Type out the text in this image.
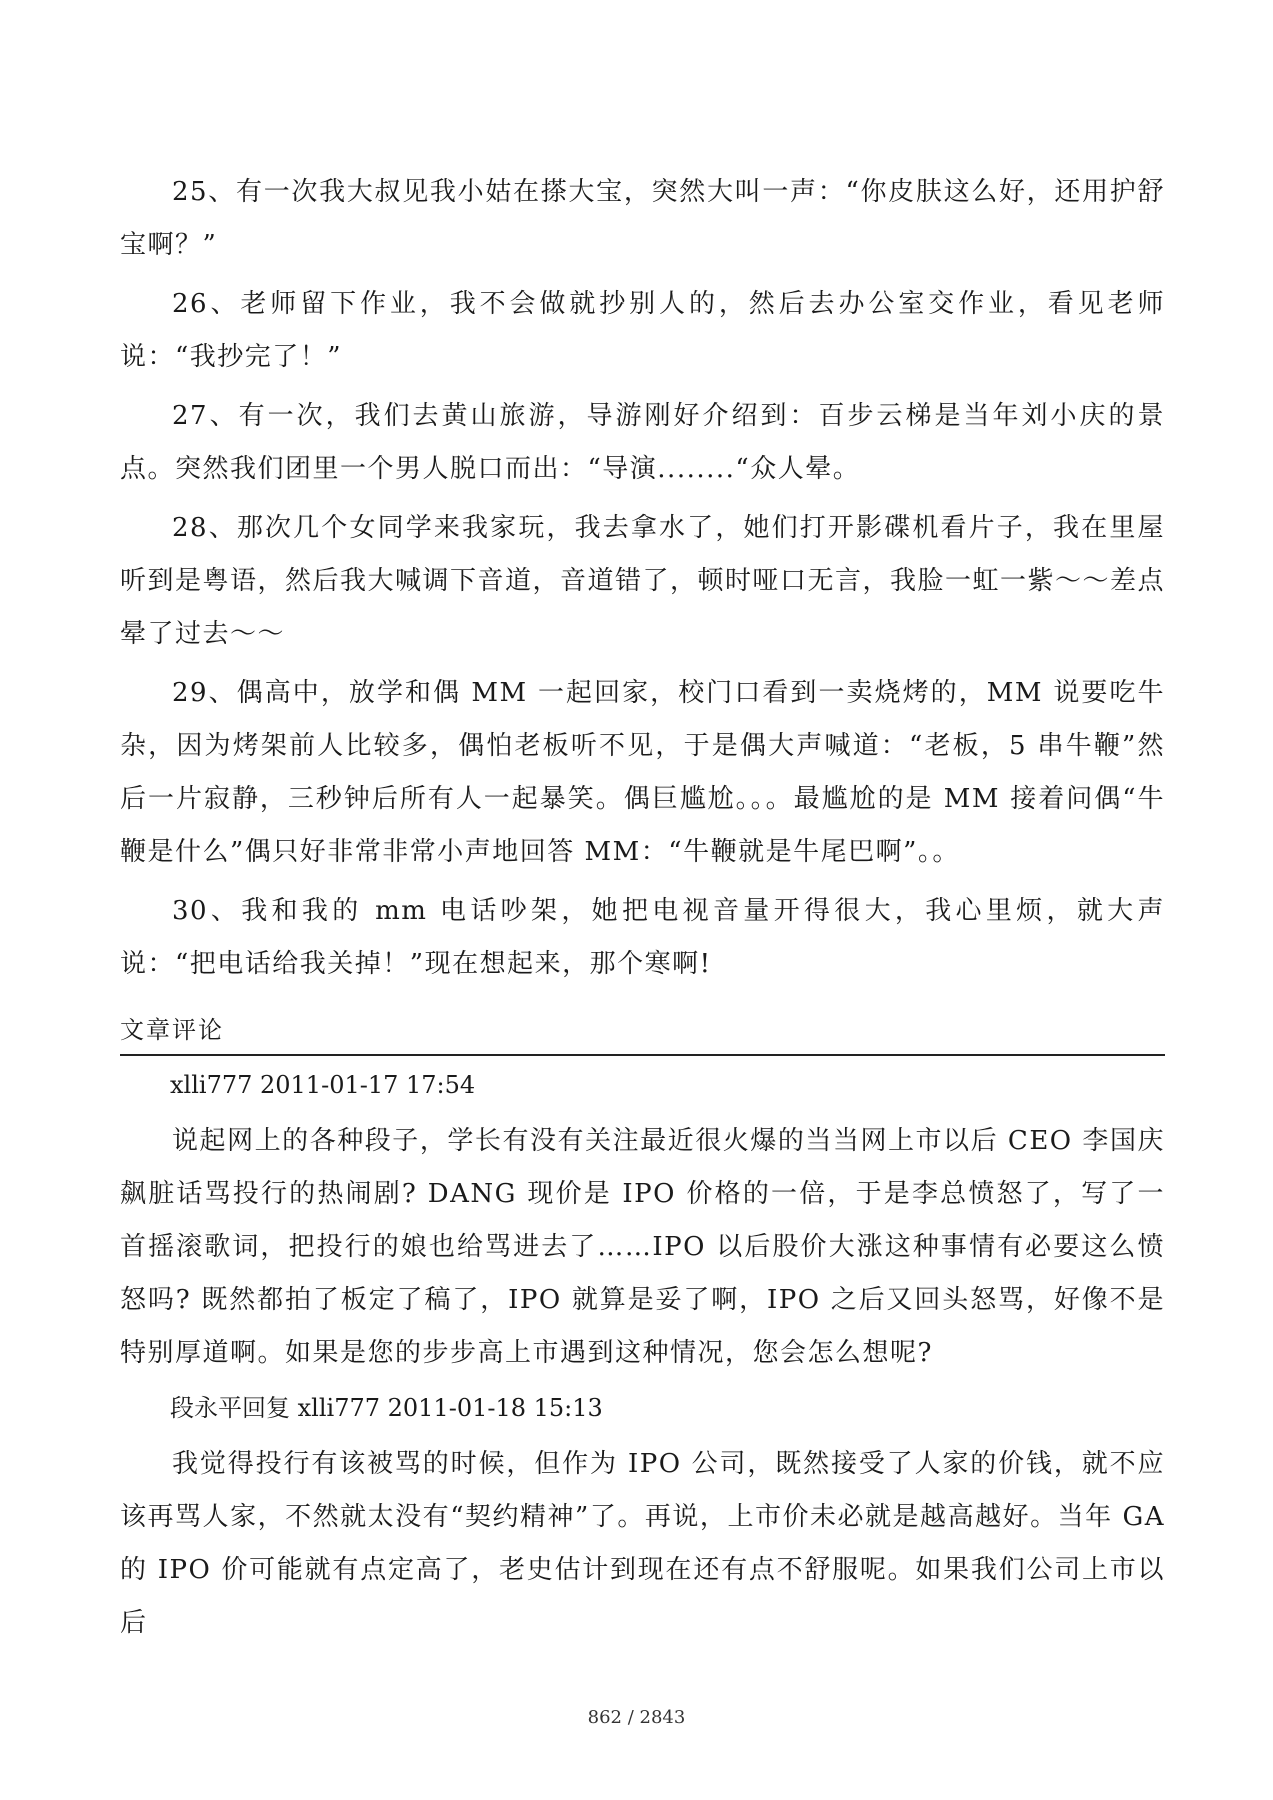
25、有一次我大叔见我小姑在搽大宝，突然大叫一声：“你皮肤这么好，还用护舒宝啊？”

26、老师留下作业，我不会做就抄别人的，然后去办公室交作业，看见老师说：“我抄完了！”

27、有一次，我们去黄山旅游，导游刚好介绍到：百步云梯是当年刘小庆的景点。突然我们团里一个男人脱口而出：“导演........“众人晕。

28、那次几个女同学来我家玩，我去拿水了，她们打开影碟机看片子，我在里屋听到是粤语，然后我大喊调下音道，音道错了，顿时哑口无言，我脸一虹一紫～～差点晕了过去～～

29、偶高中，放学和偶 MM 一起回家，校门口看到一卖烧烤的，MM 说要吃牛杂，因为烤架前人比较多，偶怕老板听不见，于是偶大声喊道：“老板，5 串牛鞭”然后一片寂静，三秒钟后所有人一起暴笑。偶巨尴尬。。。最尴尬的是 MM 接着问偶“牛鞭是什么”偶只好非常非常小声地回答 MM：“牛鞭就是牛尾巴啊”。。

30、我和我的 mm 电话吵架，她把电视音量开得很大，我心里烦，就大声说：“把电话给我关掉！”现在想起来，那个寒啊!

文章评论

xlli777 2011-01-17 17:54

说起网上的各种段子，学长有没有关注最近很火爆的当当网上市以后 CEO 李国庆飙脏话骂投行的热闹剧? DANG 现价是 IPO 价格的一倍，于是李总愤怒了，写了一首摇滚歌词，把投行的娘也给骂进去了……IPO 以后股价大涨这种事情有必要这么愤怒吗? 既然都拍了板定了稿了，IPO 就算是妥了啊，IPO 之后又回头怒骂，好像不是特别厚道啊。如果是您的步步高上市遇到这种情况，您会怎么想呢?

段永平回复 xlli777 2011-01-18 15:13

我觉得投行有该被骂的时候，但作为 IPO 公司，既然接受了人家的价钱，就不应该再骂人家，不然就太没有“契约精神”了。再说，上市价未必就是越高越好。当年 GA 的 IPO 价可能就有点定高了，老史估计到现在还有点不舒服呢。如果我们公司上市以后

862 / 2843
